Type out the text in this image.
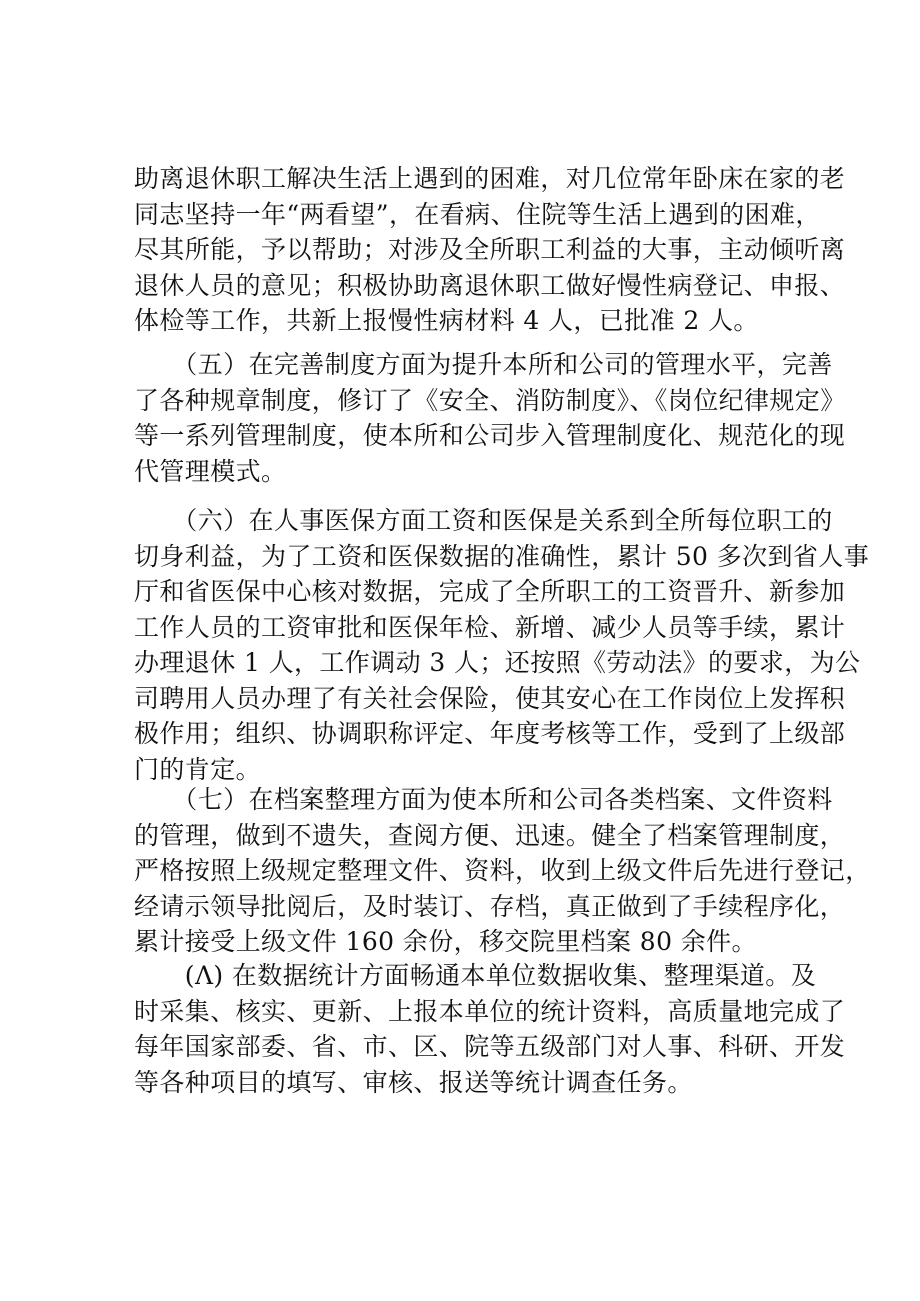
助离退休职工解决生活上遇到的困难，对几位常年卧床在家的老
同志坚持一年“两看望”，在看病、住院等生活上遇到的困难，
尽其所能，予以帮助；对涉及全所职工利益的大事，主动倾听离
退休人员的意见；积极协助离退休职工做好慢性病登记、申报、
体检等工作，共新上报慢性病材料 4 人，已批准 2 人。

　　（五）在完善制度方面为提升本所和公司的管理水平，完善
了各种规章制度，修订了《安全、消防制度》、《岗位纪律规定》
等一系列管理制度，使本所和公司步入管理制度化、规范化的现
代管理模式。

　　（六）在人事医保方面工资和医保是关系到全所每位职工的
切身利益，为了工资和医保数据的准确性，累计 50 多次到省人事
厅和省医保中心核对数据，完成了全所职工的工资晋升、新参加
工作人员的工资审批和医保年检、新增、减少人员等手续，累计
办理退休 1 人，工作调动 3 人；还按照《劳动法》的要求，为公
司聘用人员办理了有关社会保险，使其安心在工作岗位上发挥积
极作用；组织、协调职称评定、年度考核等工作，受到了上级部
门的肯定。

　　（七）在档案整理方面为使本所和公司各类档案、文件资料
的管理，做到不遗失，查阅方便、迅速。健全了档案管理制度，
严格按照上级规定整理文件、资料，收到上级文件后先进行登记，
经请示领导批阅后，及时装订、存档，真正做到了手续程序化，
累计接受上级文件 160 余份，移交院里档案 80 余件。

　　(Λ) 在数据统计方面畅通本单位数据收集、整理渠道。及
时采集、核实、更新、上报本单位的统计资料，高质量地完成了
每年国家部委、省、市、区、院等五级部门对人事、科研、开发
等各种项目的填写、审核、报送等统计调查任务。
